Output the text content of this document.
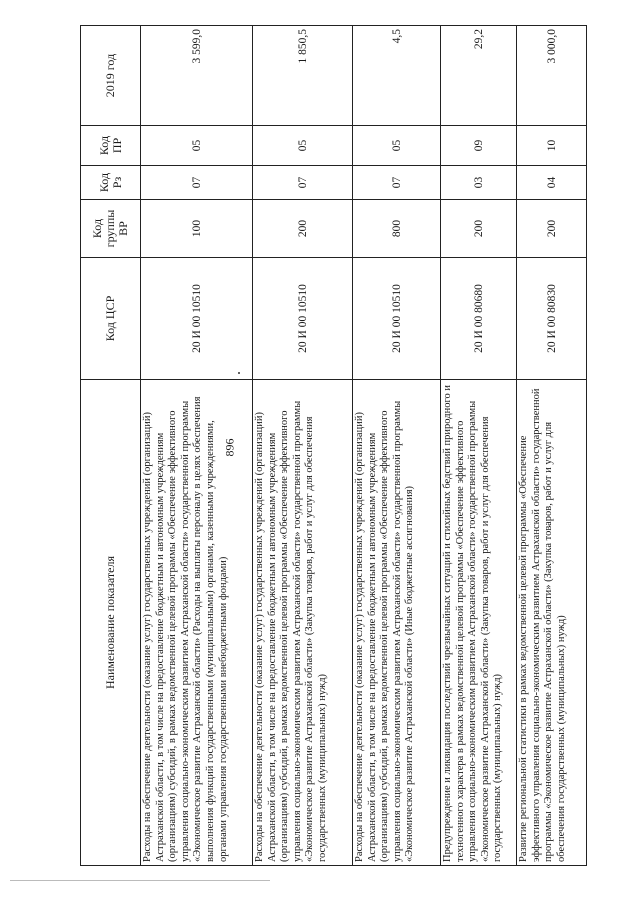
896
Наименование показателя	Код ЦСР	Код группы ВР	Код Рз	Код ПР	2019 год
Расходы на обеспечение деятельности (оказание услуг) государственных учреждений (организаций) Астраханской области, в том числе на предоставление бюджетным и автономным учреждениям (организациям) субсидий, в рамках ведомственной целевой программы «Обеспечение эффективного управления социально-экономическим развитием Астраханской области» государственной программы «Экономическое развитие Астраханской области» (Расходы на выплаты персоналу в целях обеспечения выполнения функций государственными (муниципальными) органами, казенными учреждениями, органами управления государственными внебюджетными фондами)	20 И 00 10510	100	07	05	3 599,0
Расходы на обеспечение деятельности (оказание услуг) государственных учреждений (организаций) Астраханской области, в том числе на предоставление бюджетным и автономным учреждениям (организациям) субсидий, в рамках ведомственной целевой программы «Обеспечение эффективного управления социально-экономическим развитием Астраханской области» государственной программы «Экономическое развитие Астраханской области» (Закупка товаров, работ и услуг для обеспечения государственных (муниципальных) нужд)	20 И 00 10510	200	07	05	1 850,5
Расходы на обеспечение деятельности (оказание услуг) государственных учреждений (организаций) Астраханской области, в том числе на предоставление бюджетным и автономным учреждениям (организациям) субсидий, в рамках ведомственной целевой программы «Обеспечение эффективного управления социально-экономическим развитием Астраханской области» государственной программы «Экономическое развитие Астраханской области» (Иные бюджетные ассигнования)	20 И 00 10510	800	07	05	4,5
Предупреждение и ликвидация последствий чрезвычайных ситуаций и стихийных бедствий природного и техногенного характера в рамках ведомственной целевой программы «Обеспечение эффективного управления социально-экономическим развитием Астраханской области» государственной программы «Экономическое развитие Астраханской области» (Закупка товаров, работ и услуг для обеспечения государственных (муниципальных) нужд)	20 И 00 80680	200	03	09	29,2
Развитие региональной статистики в рамках ведомственной целевой программы «Обеспечение эффективного управления социально-экономическим развитием Астраханской области» государственной программы «Экономическое развитие Астраханской области» (Закупка товаров, работ и услуг для обеспечения государственных (муниципальных) нужд)	20 И 00 80830	200	04	10	3 000,0
